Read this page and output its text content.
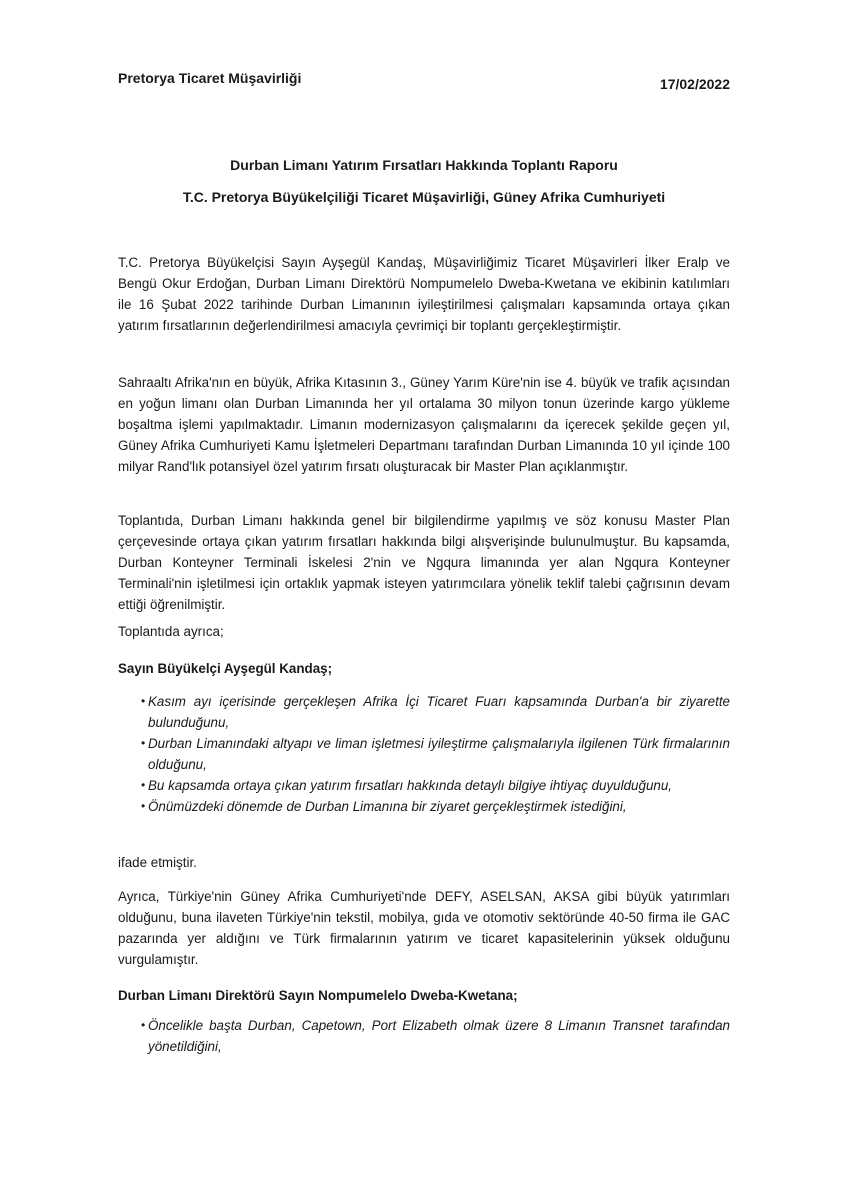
Pretorya Ticaret Müşavirliği	17/02/2022
Durban Limanı Yatırım Fırsatları Hakkında Toplantı Raporu
T.C. Pretorya Büyükelçiliği Ticaret Müşavirliği, Güney Afrika Cumhuriyeti

T.C. Pretorya Büyükelçisi Sayın Ayşegül Kandaş, Müşavirliğimiz Ticaret Müşavirleri İlker Eralp ve Bengü Okur Erdoğan, Durban Limanı Direktörü Nompumelelo Dweba-Kwetana ve ekibinin katılımları ile 16 Şubat 2022 tarihinde Durban Limanının iyileştirilmesi çalışmaları kapsamında ortaya çıkan yatırım fırsatlarının değerlendirilmesi amacıyla çevrimiçi bir toplantı gerçekleştirmiştir.

Sahraaltı Afrika'nın en büyük, Afrika Kıtasının 3., Güney Yarım Küre'nin ise 4. büyük ve trafik açısından en yoğun limanı olan Durban Limanında her yıl ortalama 30 milyon tonun üzerinde kargo yükleme boşaltma işlemi yapılmaktadır. Limanın modernizasyon çalışmalarını da içerecek şekilde geçen yıl, Güney Afrika Cumhuriyeti Kamu İşletmeleri Departmanı tarafından Durban Limanında 10 yıl içinde 100 milyar Rand'lık potansiyel özel yatırım fırsatı oluşturacak bir Master Plan açıklanmıştır.

Toplantıda, Durban Limanı hakkında genel bir bilgilendirme yapılmış ve söz konusu Master Plan çerçevesinde ortaya çıkan yatırım fırsatları hakkında bilgi alışverişinde bulunulmuştur. Bu kapsamda, Durban Konteyner Terminali İskelesi 2'nin ve Ngqura limanında yer alan Ngqura Konteyner Terminali'nin işletilmesi için ortaklık yapmak isteyen yatırımcılara yönelik teklif talebi çağrısının devam ettiği öğrenilmiştir.

Toplantıda ayrıca;

Sayın Büyükelçi Ayşegül Kandaş;
• Kasım ayı içerisinde gerçekleşen Afrika İçi Ticaret Fuarı kapsamında Durban'a bir ziyarette bulunduğunu,
• Durban Limanındaki altyapı ve liman işletmesi iyileştirme çalışmalarıyla ilgilenen Türk firmalarının olduğunu,
• Bu kapsamda ortaya çıkan yatırım fırsatları hakkında detaylı bilgiye ihtiyaç duyulduğunu,
• Önümüzdeki dönemde de Durban Limanına bir ziyaret gerçekleştirmek istediğini,

ifade etmiştir.

Ayrıca, Türkiye'nin Güney Afrika Cumhuriyeti'nde DEFY, ASELSAN, AKSA gibi büyük yatırımları olduğunu, buna ilaveten Türkiye'nin tekstil, mobilya, gıda ve otomotiv sektöründe 40-50 firma ile GAC pazarında yer aldığını ve Türk firmalarının yatırım ve ticaret kapasitelerinin yüksek olduğunu vurgulamıştır.

Durban Limanı Direktörü Sayın Nompumelelo Dweba-Kwetana;
• Öncelikle başta Durban, Capetown, Port Elizabeth olmak üzere 8 Limanın Transnet tarafından yönetildiğini,
